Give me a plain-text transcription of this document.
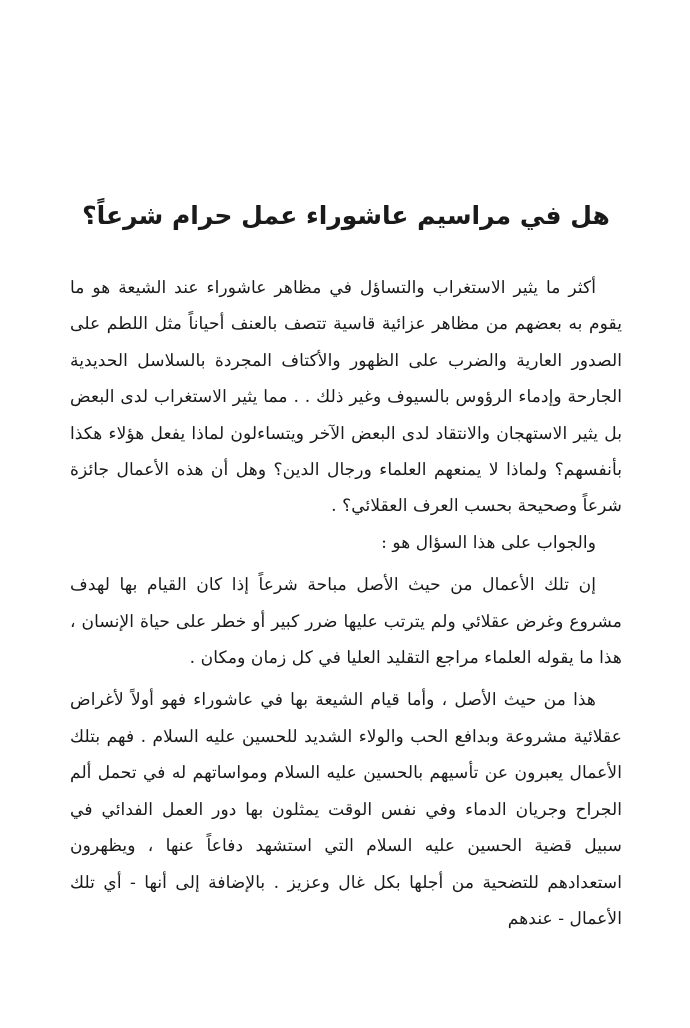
هل في مراسيم عاشوراء عمل حرام شرعاً؟

أكثر ما يثير الاستغراب والتساؤل في مظاهر عاشوراء عند الشيعة هو ما يقوم به بعضهم من مظاهر عزائية قاسية تتصف بالعنف أحياناً مثل اللطم على الصدور العارية والضرب على الظهور والأكتاف المجردة بالسلاسل الحديدية الجارحة وإدماء الرؤوس بالسيوف وغير ذلك . . مما يثير الاستغراب لدى البعض بل يثير الاستهجان والانتقاد لدى البعض الآخر ويتساءلون لماذا يفعل هؤلاء هكذا بأنفسهم؟ ولماذا لا يمنعهم العلماء ورجال الدين؟ وهل أن هذه الأعمال جائزة شرعاً وصحيحة بحسب العرف العقلائي؟ .

والجواب على هذا السؤال هو :

إن تلك الأعمال من حيث الأصل مباحة شرعاً إذا كان القيام بها لهدف مشروع وغرض عقلائي ولم يترتب عليها ضرر كبير أو خطر على حياة الإنسان ، هذا ما يقوله العلماء مراجع التقليد العليا في كل زمان ومكان .

هذا من حيث الأصل ، وأما قيام الشيعة بها في عاشوراء فهو أولاً لأغراض عقلائية مشروعة وبدافع الحب والولاء الشديد للحسين عليه السلام . فهم بتلك الأعمال يعبرون عن تأسيهم بالحسين عليه السلام ومواساتهم له في تحمل ألم الجراح وجريان الدماء وفي نفس الوقت يمثلون بها دور العمل الفدائي في سبيل قضية الحسين عليه السلام التي استشهد دفاعاً عنها ، ويظهرون استعدادهم للتضحية من أجلها بكل غال وعزيز . بالإضافة إلى أنها - أي تلك الأعمال - عندهم
